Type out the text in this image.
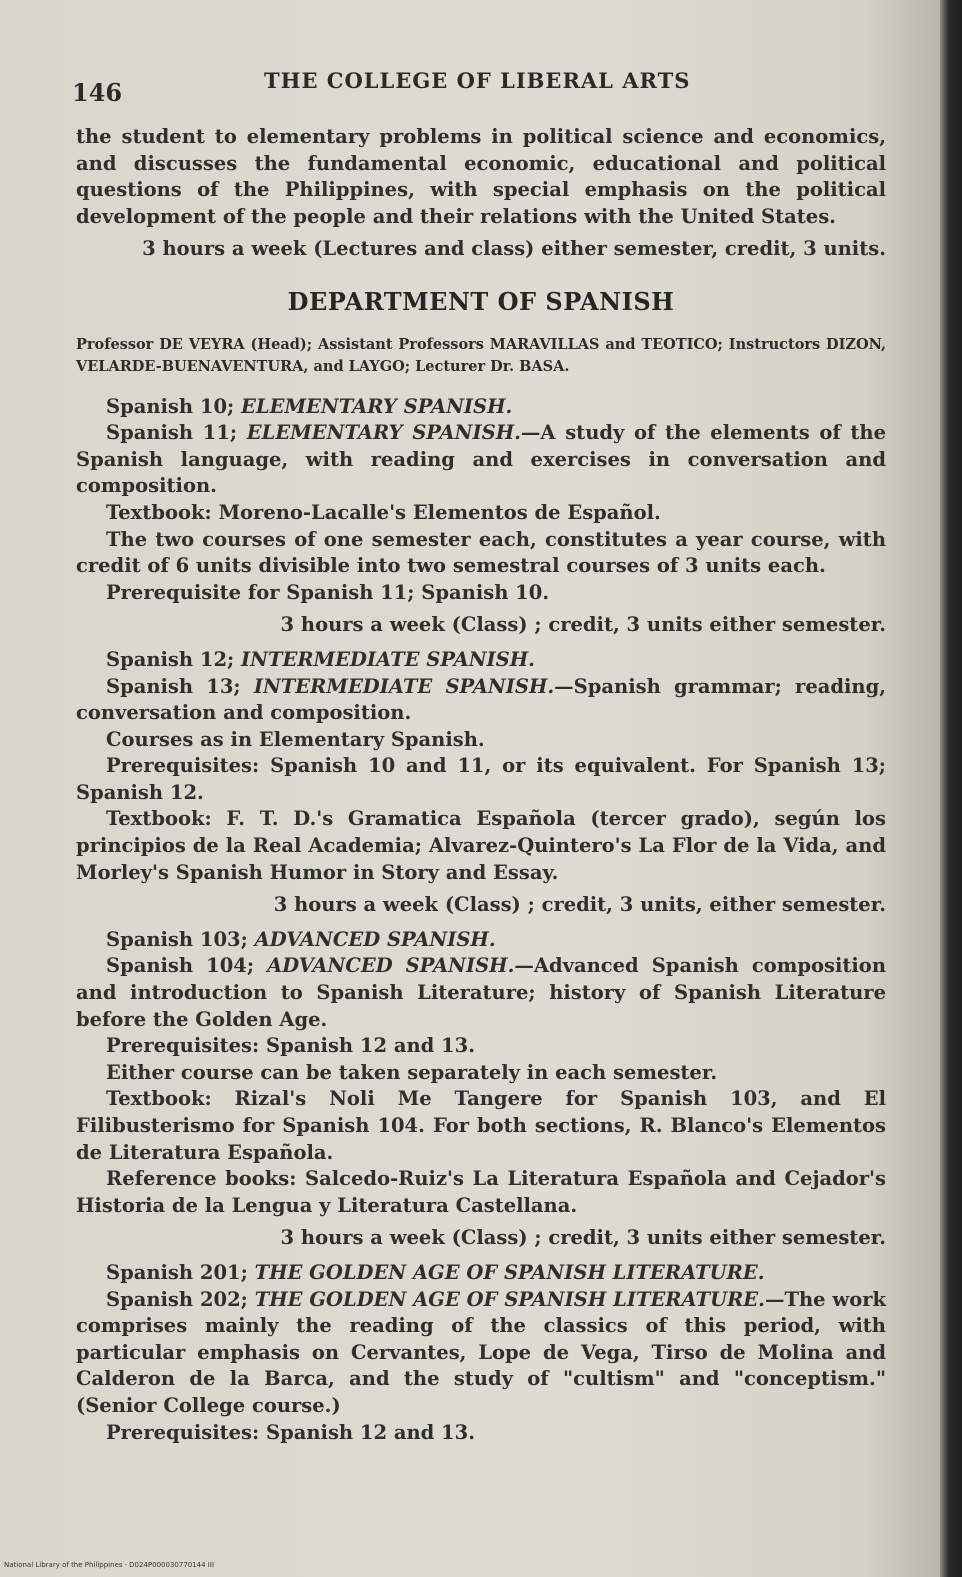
146	THE COLLEGE OF LIBERAL ARTS

the student to elementary problems in political science and economics, and discusses the fundamental economic, educational and political questions of the Philippines, with special emphasis on the political development of the people and their relations with the United States.

3 hours a week (Lectures and class) either semester, credit, 3 units.

DEPARTMENT OF SPANISH

Professor DE VEYRA (Head); Assistant Professors MARAVILLAS and TEOTICO; Instructors DIZON, VELARDE-BUENAVENTURA, and LAYGO; Lecturer Dr. BASA.

Spanish 10; ELEMENTARY SPANISH.

Spanish 11; ELEMENTARY SPANISH.—A study of the elements of the Spanish language, with reading and exercises in conversation and composition.

Textbook: Moreno-Lacalle's Elementos de Español.

The two courses of one semester each, constitutes a year course, with credit of 6 units divisible into two semestral courses of 3 units each.

Prerequisite for Spanish 11; Spanish 10.

3 hours a week (Class) ; credit, 3 units either semester.

Spanish 12; INTERMEDIATE SPANISH.

Spanish 13; INTERMEDIATE SPANISH.—Spanish grammar; reading, conversation and composition.

Courses as in Elementary Spanish.

Prerequisites: Spanish 10 and 11, or its equivalent. For Spanish 13; Spanish 12.

Textbook: F. T. D.'s Gramatica Española (tercer grado), según los principios de la Real Academia; Alvarez-Quintero's La Flor de la Vida, and Morley's Spanish Humor in Story and Essay.

3 hours a week (Class) ; credit, 3 units, either semester.

Spanish 103; ADVANCED SPANISH.

Spanish 104; ADVANCED SPANISH.—Advanced Spanish composition and introduction to Spanish Literature; history of Spanish Literature before the Golden Age.

Prerequisites: Spanish 12 and 13.

Either course can be taken separately in each semester.

Textbook: Rizal's Noli Me Tangere for Spanish 103, and El Filibusterismo for Spanish 104. For both sections, R. Blanco's Elementos de Literatura Española.

Reference books: Salcedo-Ruiz's La Literatura Española and Cejador's Historia de la Lengua y Literatura Castellana.

3 hours a week (Class) ; credit, 3 units either semester.

Spanish 201; THE GOLDEN AGE OF SPANISH LITERATURE.

Spanish 202; THE GOLDEN AGE OF SPANISH LITERATURE.—The work comprises mainly the reading of the classics of this period, with particular emphasis on Cervantes, Lope de Vega, Tirso de Molina and Calderon de la Barca, and the study of "cultism" and "conceptism." (Senior College course.)

Prerequisites: Spanish 12 and 13.

National Library of the Philippines · D024P000030770144 III
